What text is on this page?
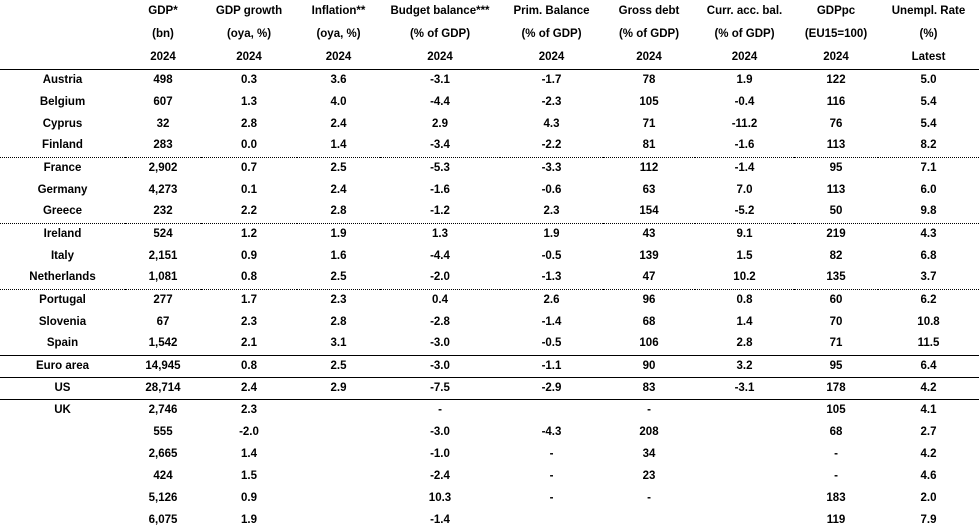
	GDP*	GDP growth	Inflation**	Budget balance***	Prim. Balance	Gross debt	Curr. acc. bal.	GDPpc	Unempl. Rate
	(bn)	(oya, %)	(oya, %)	(% of GDP)	(% of GDP)	(% of GDP)	(% of GDP)	(EU15=100)	(%)
	2024	2024	2024	2024	2024	2024	2024	2024	Latest
Austria	498	0.3	3.6	-3.1	-1.7	78	1.9	122	5.0
Belgium	607	1.3	4.0	-4.4	-2.3	105	-0.4	116	5.4
Cyprus	32	2.8	2.4	2.9	4.3	71	-11.2	76	5.4
Finland	283	0.0	1.4	-3.4	-2.2	81	-1.6	113	8.2
France	2,902	0.7	2.5	-5.3	-3.3	112	-1.4	95	7.1
Germany	4,273	0.1	2.4	-1.6	-0.6	63	7.0	113	6.0
Greece	232	2.2	2.8	-1.2	2.3	154	-5.2	50	9.8
Ireland	524	1.2	1.9	1.3	1.9	43	9.1	219	4.3
Italy	2,151	0.9	1.6	-4.4	-0.5	139	1.5	82	6.8
Netherlands	1,081	0.8	2.5	-2.0	-1.3	47	10.2	135	3.7
Portugal	277	1.7	2.3	0.4	2.6	96	0.8	60	6.2
Slovenia	67	2.3	2.8	-2.8	-1.4	68	1.4	70	10.8
Spain	1,542	2.1	3.1	-3.0	-0.5	106	2.8	71	11.5
Euro area	14,945	0.8	2.5	-3.0	-1.1	90	3.2	95	6.4
US	28,714	2.4	2.9	-7.5	-2.9	83	-3.1	178	4.2
UK	2,746	2.3		-		-		105	4.1
	555	-2.0		-3.0	-4.3	208		68	2.7
	2,665	1.4		-1.0	-	34		-	4.2
	424	1.5		-2.4	-	23		-	4.6
	5,126	0.9		10.3	-	-		183	2.0
	6,075	1.9		-1.4				119	7.9
